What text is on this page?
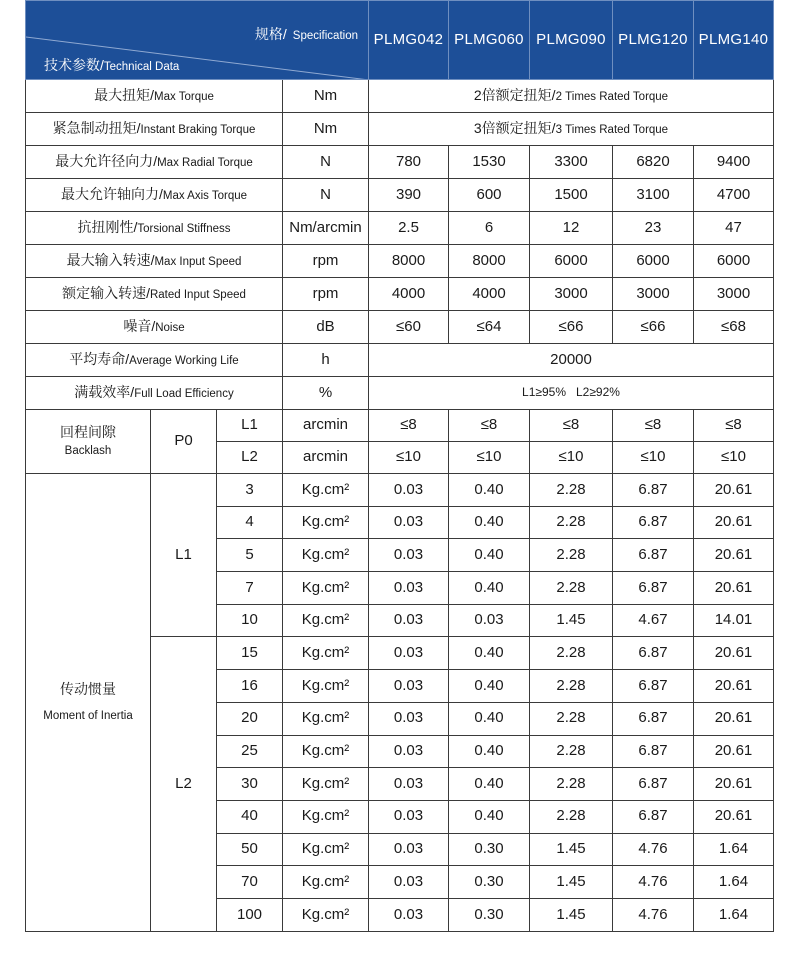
规格/ Specification
技术参数/Technical Data				PLMG042	PLMG060	PLMG090	PLMG120	PLMG140
最大扭矩/Max Torque			Nm	2倍额定扭矩/2 Times Rated Torque				
紧急制动扭矩/Instant Braking Torque			Nm	3倍额定扭矩/3 Times Rated Torque				
最大允许径向力/Max Radial Torque			N	780	1530	3300	6820	9400
最大允许轴向力/Max Axis Torque			N	390	600	1500	3100	4700
抗扭刚性/Torsional Stiffness			Nm/arcmin	2.5	6	12	23	47
最大输入转速/Max Input Speed			rpm	8000	8000	6000	6000	6000
额定输入转速/Rated Input Speed			rpm	4000	4000	3000	3000	3000
噪音/Noise			dB	≤60	≤64	≤66	≤66	≤68
平均寿命/Average Working Life			h	20000				
满载效率/Full Load Efficiency			%	L1≥95%   L2≥92%				

回程间隙
Backlash	P0	L1	arcmin	≤8	≤8	≤8	≤8	≤8
		L2	arcmin	≤10	≤10	≤10	≤10	≤10

传动惯量
Moment of Inertia	L1	3	Kg.cm²	0.03	0.40	2.28	6.87	20.61
		4	Kg.cm²	0.03	0.40	2.28	6.87	20.61
		5	Kg.cm²	0.03	0.40	2.28	6.87	20.61
		7	Kg.cm²	0.03	0.40	2.28	6.87	20.61
		10	Kg.cm²	0.03	0.03	1.45	4.67	14.01
	L2	15	Kg.cm²	0.03	0.40	2.28	6.87	20.61
		16	Kg.cm²	0.03	0.40	2.28	6.87	20.61
		20	Kg.cm²	0.03	0.40	2.28	6.87	20.61
		25	Kg.cm²	0.03	0.40	2.28	6.87	20.61
		30	Kg.cm²	0.03	0.40	2.28	6.87	20.61
		40	Kg.cm²	0.03	0.40	2.28	6.87	20.61
		50	Kg.cm²	0.03	0.30	1.45	4.76	1.64
		70	Kg.cm²	0.03	0.30	1.45	4.76	1.64
		100	Kg.cm²	0.03	0.30	1.45	4.76	1.64
